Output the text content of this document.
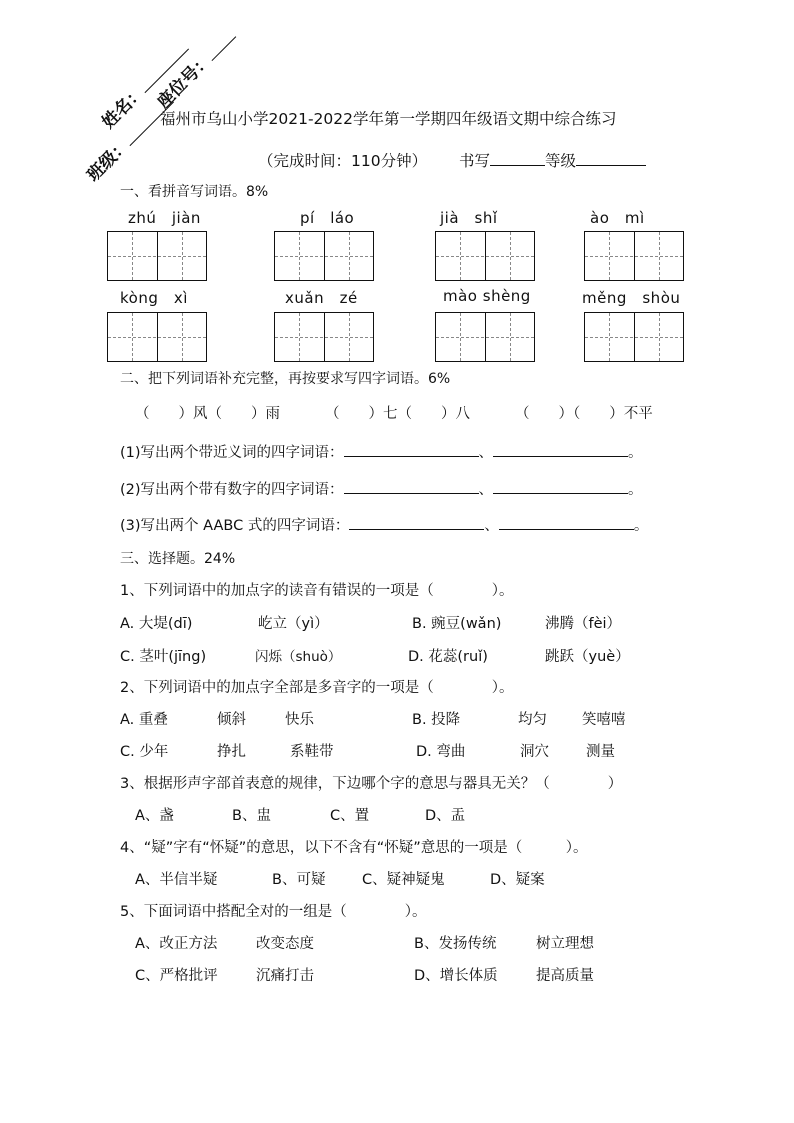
姓名： 座位号：
班级：
福州市乌山小学2021-2022学年第一学期四年级语文期中综合练习
（完成时间：110分钟） 书写	等级
一、看拼音写词语。8%
zhú　jiàn	pí　láo	jià　shǐ	ào　mì
kòng　xì	xuǎn　zé	mào shèng	měng　shòu
二、把下列词语补充完整，再按要求写四字词语。6%
（　　）风（　　）雨	（　　）七（　　）八	（　　）（　　）不平
(1)写出两个带近义词的四字词语：	、	。
(2)写出两个带有数字的四字词语：	、	。
(3)写出两个 AABC 式的四字词语：	、	。
三、选择题。24%
1、下列词语中的加点字的读音有错误的一项是（　　　　）。
A. 大堤(dī)	屹立（yì）	B. 豌豆(wǎn)	沸腾（fèi）
C. 茎叶(jīng)	闪烁（shuò）	D. 花蕊(ruǐ)	跳跃（yuè）
2、下列词语中的加点字全部是多音字的一项是（　　　　）。
A. 重叠	倾斜	快乐	B. 投降	均匀 笑嘻嘻
C. 少年	挣扎	系鞋带	D. 弯曲	洞穴	测量
3、根据形声字部首表意的规律，下边哪个字的意思与器具无关？（　　　　）
A、盏	B、盅	C、置	D、盂
4、“疑”字有“怀疑”的意思，以下不含有“怀疑”意思的一项是（　　　）。
A、半信半疑	B、可疑	C、疑神疑鬼	D、疑案
5、下面词语中搭配全对的一组是（　　　　）。
A、改正方法	改变态度	B、发扬传统	树立理想
C、严格批评	沉痛打击	D、增长体质	提高质量
